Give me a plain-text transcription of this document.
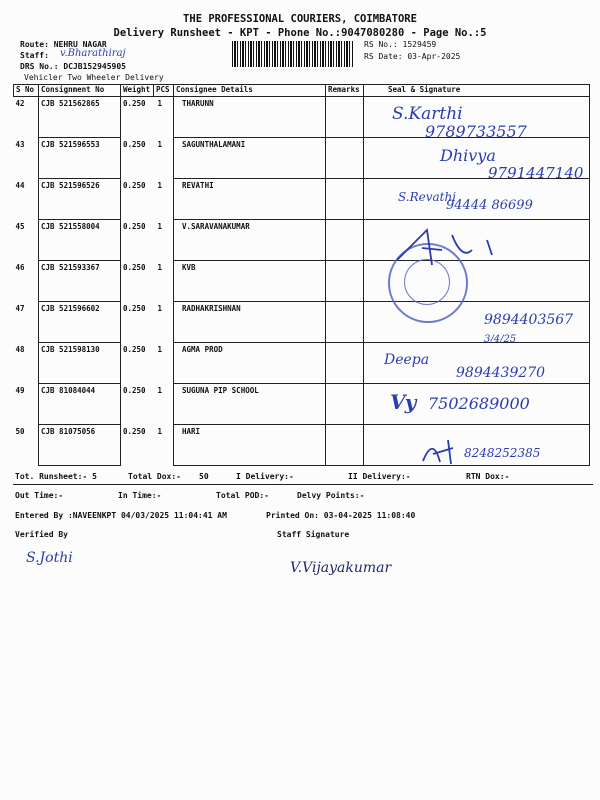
THE PROFESSIONAL COURIERS, COIMBATORE
Delivery Runsheet - KPT - Phone No.:9047080280 - Page No.:5
Route: NEHRU NAGAR
Staff: v.Bharathiraj
DRS No.: DCJB152945905
Vehicler Two Wheeler Delivery
RS No.: 1529459
RS Date: 03-Apr-2025
S No	Consignment No	Weight	PCS	Consignee Details	Remarks	Seal & Signature
42	CJB 521562865	0.250	1	THARUNN		
43	CJB 521596553	0.250	1	SAGUNTHALAMANI		
44	CJB 521596526	0.250	1	REVATHI		
45	CJB 521558004	0.250	1	V.SARAVANAKUMAR		
46	CJB 521593367	0.250	1	KVB		
47	CJB 521596602	0.250	1	RADHAKRISHNAN		
48	CJB 521598130	0.250	1	AGMA PROD		
49	CJB 81084044	0.250	1	SUGUNA PIP SCHOOL		
50	CJB 81075056	0.250	1	HARI		
S.Karthi
9789733557
Dhivya
9791447140
S.Revathi
94444 86699
9894403567
3/4/25
Deepa
9894439270
Vy 7502689000
8248252385
Tot. Runsheet:- 5	Total Dox:- 50	I Delivery:-	II Delivery:-	RTN Dox:-
Out Time:-	In Time:-	Total POD:-	Delvy Points:-
Entered By :NAVEENKPT 04/03/2025 11:04:41 AM	Printed On: 03-04-2025 11:08:40
Verified By	Staff Signature
S.Jothi
V.Vijayakumar
